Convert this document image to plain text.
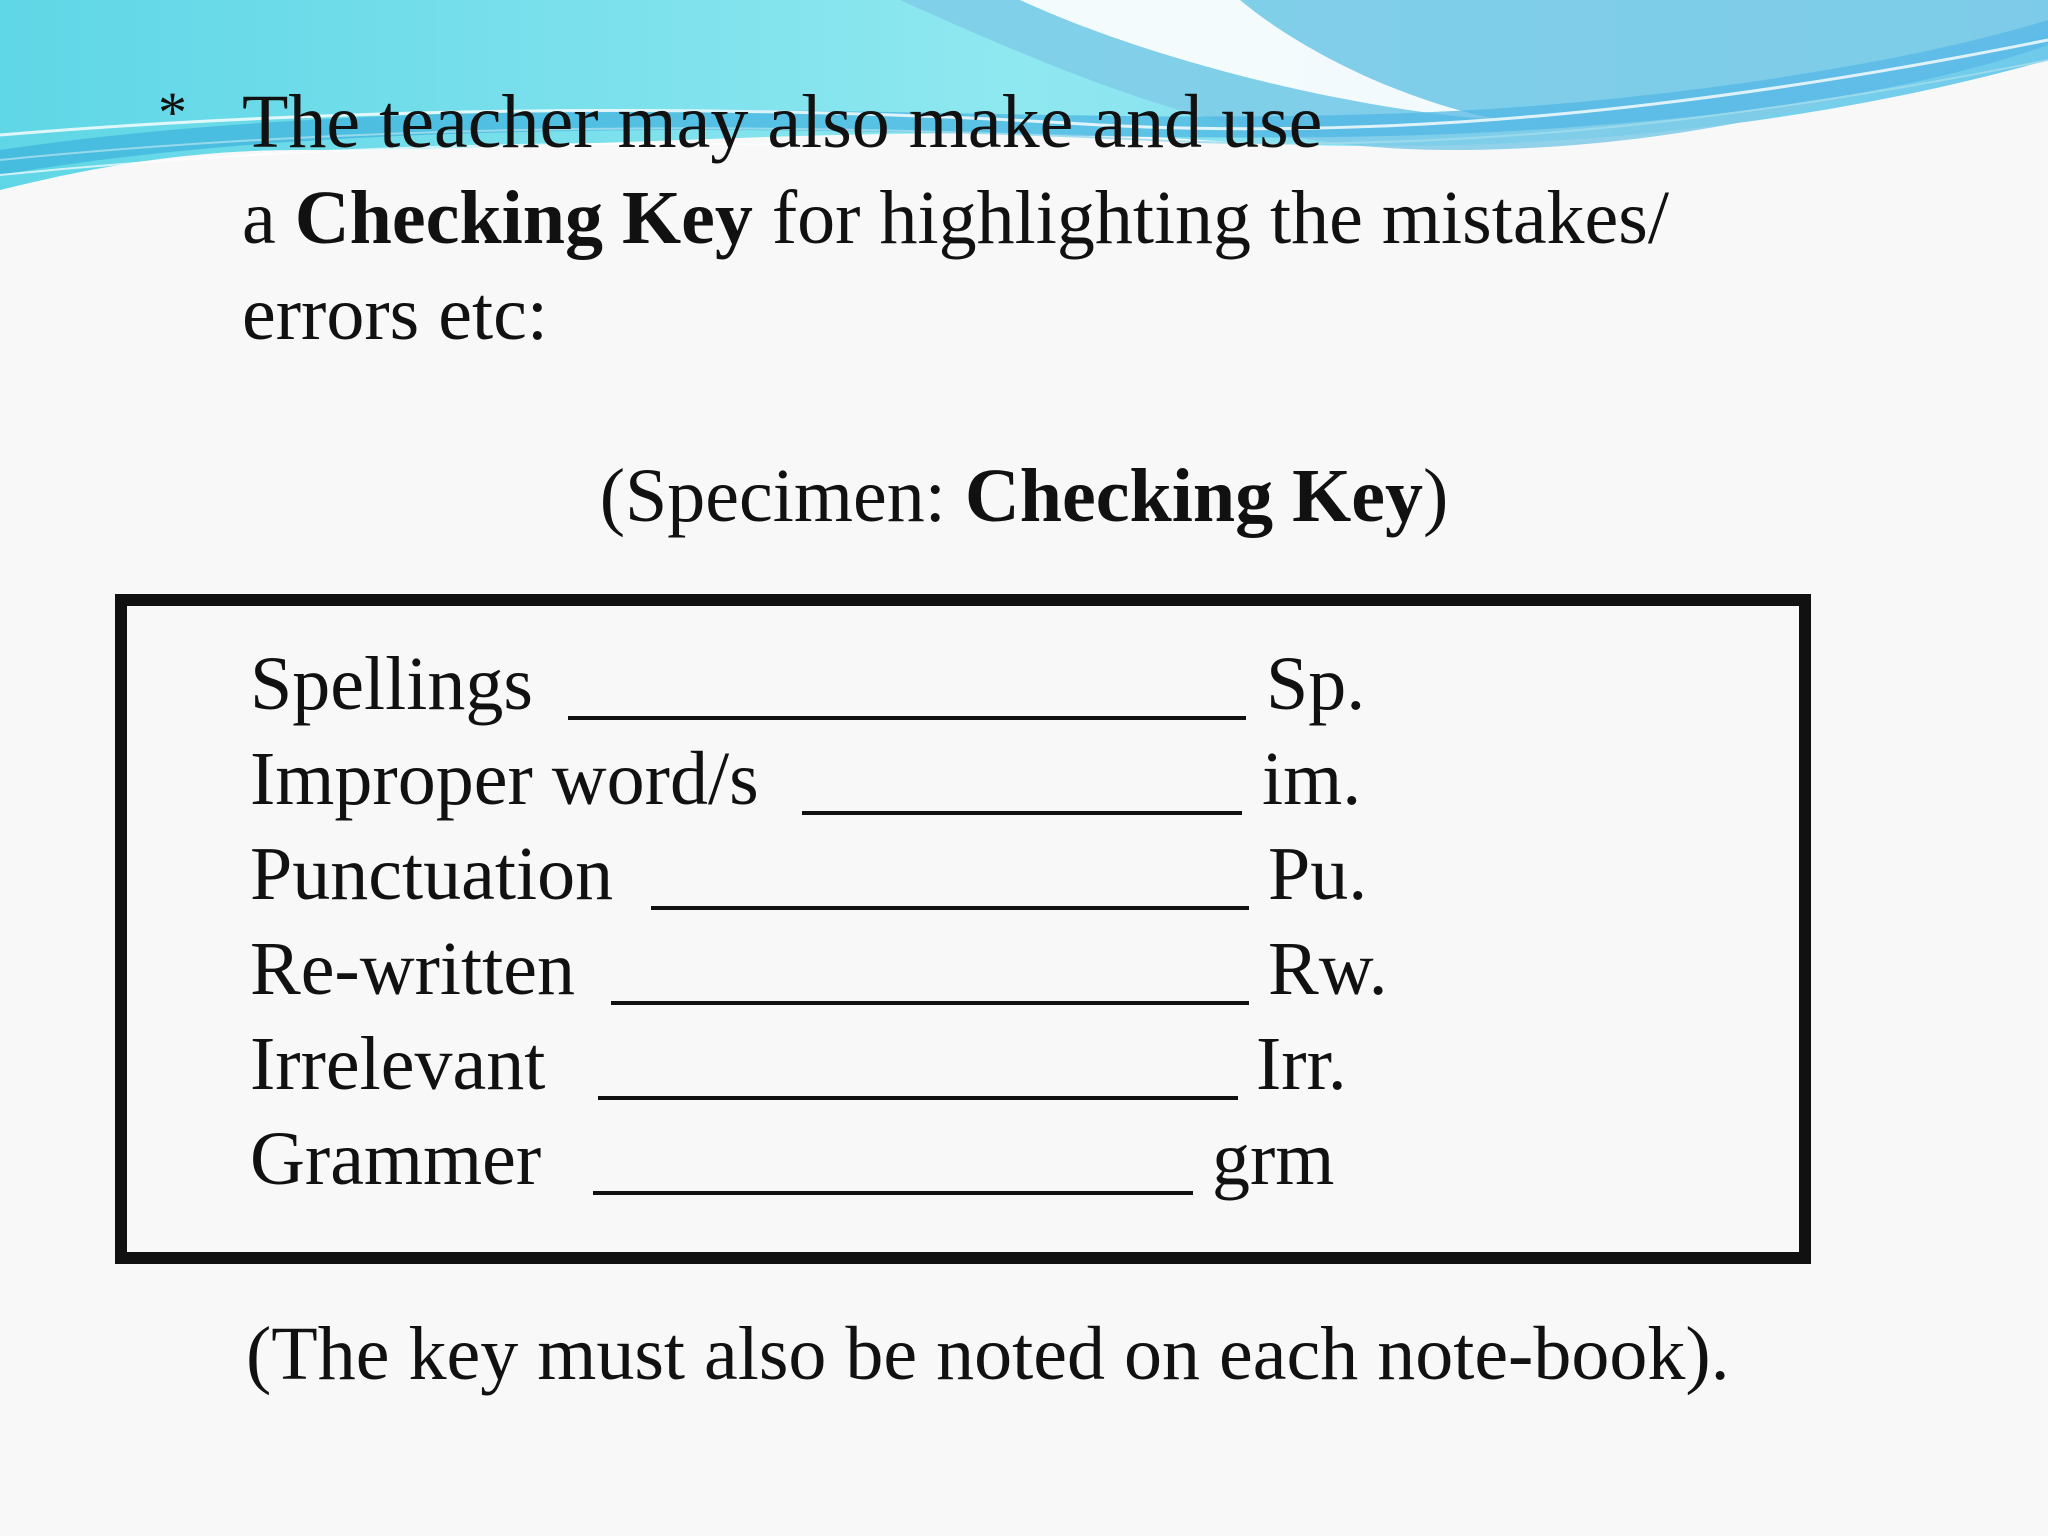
* The teacher may also make and use
a Checking Key for highlighting the mistakes/
errors etc:
(Specimen: Checking Key)
Spellings	Sp.
Improper word/s	im.
Punctuation	Pu.
Re-written	Rw.
Irrelevant	Irr.
Grammer	grm
(The key must also be noted on each note-book).
